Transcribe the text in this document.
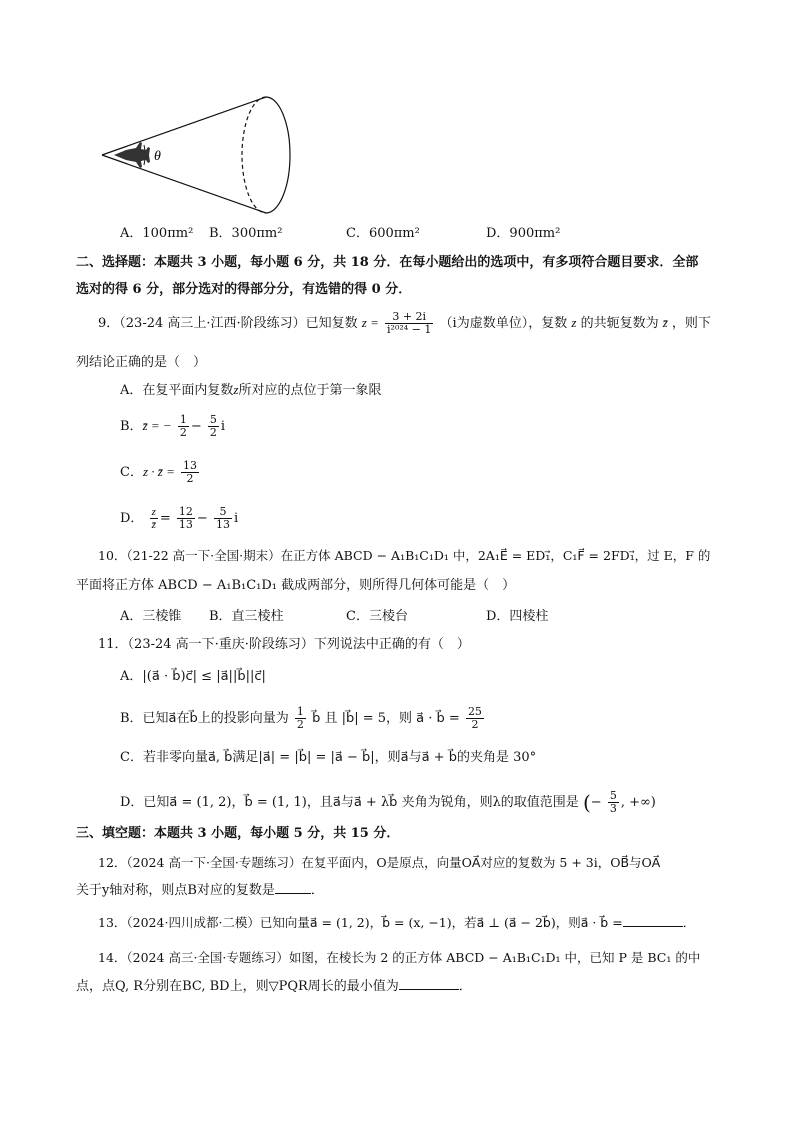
θ
A．100πm² B．300πm²	C．600πm²	D．900πm²
二、选择题：本题共 3 小题，每小题 6 分，共 18 分．在每小题给出的选项中，有多项符合题目要求．全部
选对的得 6 分，部分选对的得部分分，有选错的得 0 分．
9．（23-24 高三上·江西·阶段练习）已知复数 $z = \frac{3 + 2i}{\text{i²⁰²⁴ − 1}} (i$为虚数单位），复数 z 的共轭复数为 z̄ ，则下
列结论正确的是（　）
A．在复平面内复数z所对应的点位于第一象限
B．z̄ = − $\frac{1}{2} - \frac{5}{2}$ i
C．z · z̄ = $\frac{13}{2}$
D． $\frac{z}{z̄} = \frac{12}{13} - \frac{5}{13}$ i
10．（21-22 高一下·全国·期末）在正方体 ABCD − A₁B₁C₁D₁ 中，2A₁E⃗ = ED₁⃗，C₁F⃗ = 2FD₁⃗，过 E，F 的
平面将正方体 ABCD − A₁B₁C₁D₁ 截成两部分，则所得几何体可能是（　）
A．三棱锥 B．直三棱柱	C．三棱台	D．四棱柱
11．（23-24 高一下·重庆·阶段练习）下列说法中正确的有（　）
A．|(a⃗ · b⃗)c⃗| ≤ |a⃗||b⃗||c⃗|
B．已知a⃗在b⃗上的投影向量为 $\frac{1}{2}$ b⃗ 且 |b⃗| = 5，则 a⃗ · b⃗ = $\frac{25}{2}$
C．若非零向量a⃗, b⃗满足|a⃗| = |b⃗| = |a⃗ − b⃗|，则a⃗与a⃗ + b⃗的夹角是 30°
D．已知a⃗ = (1, 2)，b⃗ = (1, 1)，且a⃗与a⃗ + λb⃗ 夹角为锐角，则λ的取值范围是 (− $\frac{5}{3}$ , +∞)
三、填空题：本题共 3 小题，每小题 5 分，共 15 分．
12．（2024 高一下·全国·专题练习）在复平面内，O是原点，向量OA⃗对应的复数为 5 + 3i，OB⃗与OA⃗
关于y轴对称，则点B对应的复数是	．
13．（2024·四川成都·二模）已知向量a⃗ = (1, 2)，b⃗ = (x, −1)，若a⃗ ⊥ (a⃗ − 2b⃗)，则a⃗ · b⃗ =	．
14．（2024 高三·全国·专题练习）如图，在棱长为 2 的正方体 ABCD − A₁B₁C₁D₁ 中，已知 P 是 BC₁ 的中
点，点Q, R分别在BC, BD上，则▽PQR周长的最小值为	．
